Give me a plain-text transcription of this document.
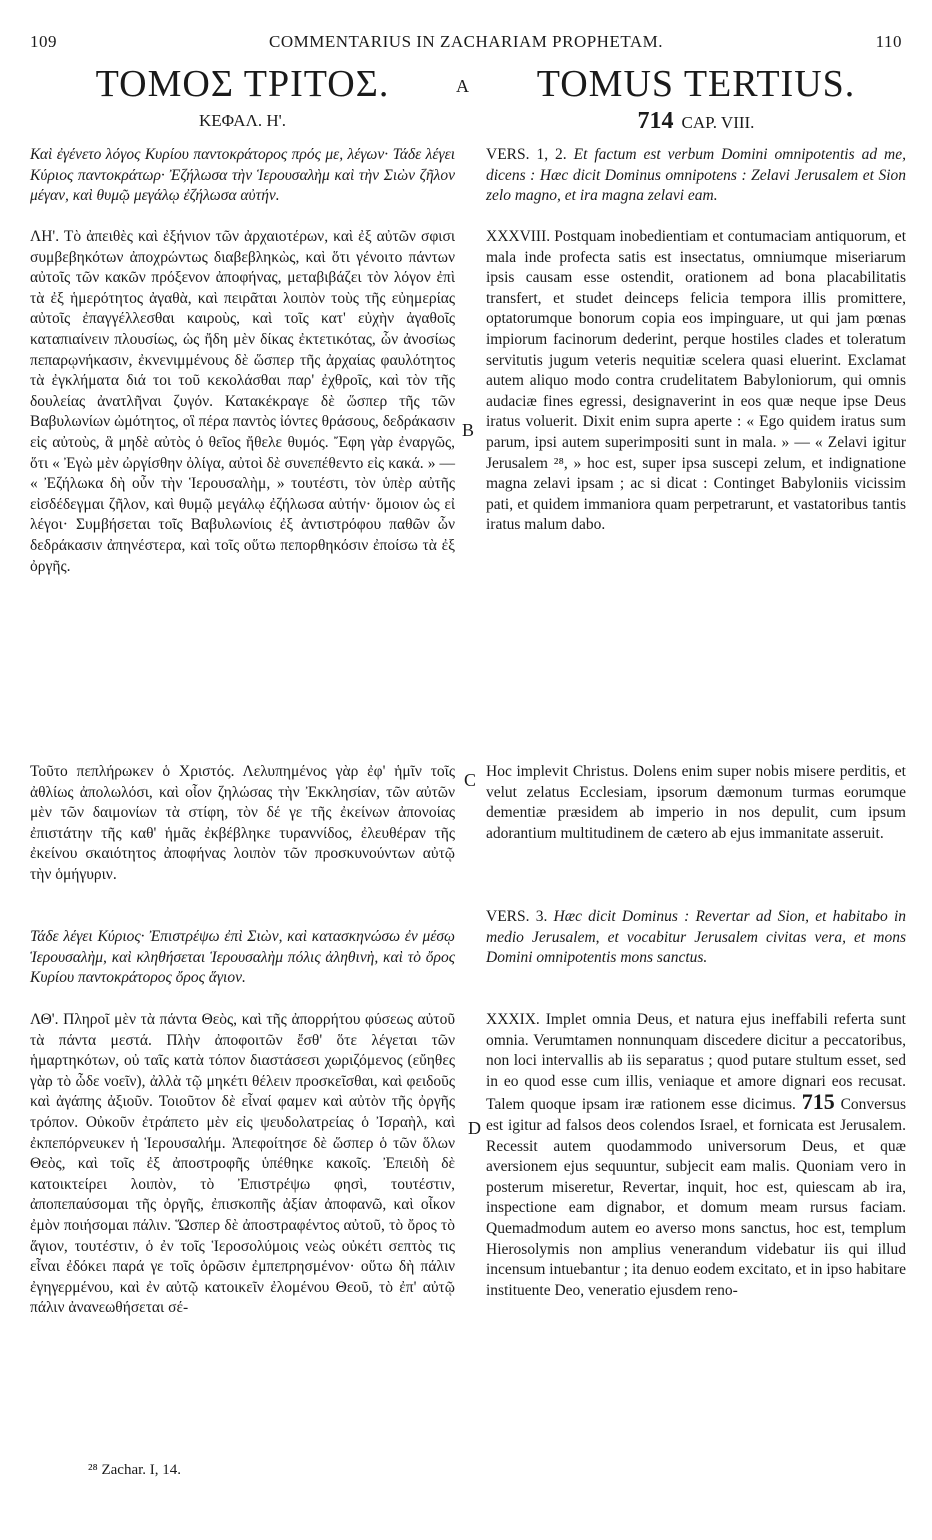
109	COMMENTARIUS IN ZACHARIAM PROPHETAM.	110
ΤΟΜΟΣ ΤΡΙΤΟΣ.
ΚΕΦΑΛ. Η'.
Καὶ ἐγένετο λόγος Κυρίου παντοκράτορος πρός με, λέγων· Τάδε λέγει Κύριος παντοκράτωρ· Ἐζήλωσα τὴν Ἱερουσαλὴμ καὶ τὴν Σιὼν ζῆλον μέγαν, καὶ θυμῷ μεγάλῳ ἐζήλωσα αὐτήν.
ΛΗ'. Τὸ ἀπειθὲς καὶ ἐξήνιον τῶν ἀρχαιοτέρων, καὶ ἐξ αὐτῶν σφισι συμβεβηκότων ἀποχρώντως διαβεβληκὼς, καὶ ὅτι γένοιτο πάντων αὐτοῖς τῶν κακῶν πρόξενον ἀποφήνας, μεταβιβάζει τὸν λόγον ἐπὶ τὰ ἐξ ἡμερότητος ἀγαθὰ, καὶ πειρᾶται λοιπὸν τοὺς τῆς εὐημερίας αὐτοῖς ἐπαγγέλλεσθαι καιροὺς, καὶ τοῖς κατ' εὐχὴν ἀγαθοῖς καταπιαίνειν πλουσίως, ὡς ἤδη μὲν δίκας ἐκτετικότας, ὧν ἀνοσίως πεπαρῳνήκασιν, ἐκνενιμμένους δὲ ὥσπερ τῆς ἀρχαίας φαυλότητος τὰ ἐγκλήματα διά τοι τοῦ κεκολάσθαι παρ' ἐχθροῖς, καὶ τὸν τῆς δουλείας ἀνατλῆναι ζυγόν. Κατακέκραγε δὲ ὥσπερ τῆς τῶν Βαβυλωνίων ὠμότητος, οἳ πέρα παντὸς ἰόντες θράσους, δεδράκασιν εἰς αὐτοὺς, ἃ μηδὲ αὐτὸς ὁ θεῖος ἤθελε θυμός. Ἔφη γὰρ ἐναργῶς, ὅτι « Ἐγὼ μὲν ὠργίσθην ὀλίγα, αὐτοὶ δὲ συνεπέθεντο εἰς κακά. » — « Ἐζήλωκα δὴ οὖν τὴν Ἱερουσαλὴμ, » τουτέστι, τὸν ὑπὲρ αὐτῆς εἰσδέδεγμαι ζῆλον, καὶ θυμῷ μεγάλῳ ἐζήλωσα αὐτήν· ὅμοιον ὡς εἰ λέγοι· Συμβήσεται τοῖς Βαβυλωνίοις ἐξ ἀντιστρόφου παθῶν ὧν δεδράκασιν ἀπηνέστερα, καὶ τοῖς οὕτω πεπορθηκόσιν ἐποίσω τὰ ἐξ ὀργῆς.
Τοῦτο πεπλήρωκεν ὁ Χριστός. Λελυπημένος γὰρ ἐφ' ἡμῖν τοῖς ἀθλίως ἀπολωλόσι, καὶ οἷον ζηλώσας τὴν Ἐκκλησίαν, τῶν αὐτῶν μὲν τῶν δαιμονίων τὰ στίφη, τὸν δέ γε τῆς ἐκείνων ἀπονοίας ἐπιστάτην τῆς καθ' ἡμᾶς ἐκβέβληκε τυραννίδος, ἐλευθέραν τῆς ἐκείνου σκαιότητος ἀποφήνας λοιπὸν τῶν προσκυνούντων αὐτῷ τὴν ὁμήγυριν.
Τάδε λέγει Κύριος· Ἐπιστρέψω ἐπὶ Σιὼν, καὶ κατασκηνώσω ἐν μέσῳ Ἱερουσαλὴμ, καὶ κληθήσεται Ἱερουσαλὴμ πόλις ἀληθινὴ, καὶ τὸ ὄρος Κυρίου παντοκράτορος ὄρος ἅγιον.
ΛΘ'. Πληροῖ μὲν τὰ πάντα Θεὸς, καὶ τῆς ἀπορρήτου φύσεως αὐτοῦ τὰ πάντα μεστά. Πλὴν ἀποφοιτῶν ἔσθ' ὅτε λέγεται τῶν ἡμαρτηκότων, οὐ ταῖς κατὰ τόπον διαστάσεσι χωριζόμενος (εὔηθες γὰρ τὸ ὧδε νοεῖν), ἀλλὰ τῷ μηκέτι θέλειν προσκεῖσθαι, καὶ φειδοῦς καὶ ἀγάπης ἀξιοῦν. Τοιοῦτον δὲ εἶναί φαμεν καὶ αὐτὸν τῆς ὀργῆς τρόπον. Οὐκοῦν ἐτράπετο μὲν εἰς ψευδολατρείας ὁ Ἰσραὴλ, καὶ ἐκπεπόρνευκεν ἡ Ἱερουσαλήμ. Ἀπεφοίτησε δὲ ὥσπερ ὁ τῶν ὅλων Θεὸς, καὶ τοῖς ἐξ ἀποστροφῆς ὑπέθηκε κακοῖς. Ἐπειδὴ δὲ κατοικτείρει λοιπὸν, τὸ Ἐπιστρέψω φησὶ, τουτέστιν, ἀποπεπαύσομαι τῆς ὀργῆς, ἐπισκοπῆς ἀξίαν ἀποφανῶ, καὶ οἶκον ἐμὸν ποιήσομαι πάλιν. Ὥσπερ δὲ ἀποστραφέντος αὐτοῦ, τὸ ὄρος τὸ ἅγιον, τουτέστιν, ὁ ἐν τοῖς Ἱεροσολύμοις νεὼς οὐκέτι σεπτὸς τις εἶναι ἐδόκει παρά γε τοῖς ὁρῶσιν ἐμπεπρησμένον· οὕτω δὴ πάλιν ἐγηγερμένου, καὶ ἐν αὐτῷ κατοικεῖν ἐλομένου Θεοῦ, τὸ ἐπ' αὐτῷ πάλιν ἀνανεωθήσεται σέ-
TOMUS TERTIUS.
714 CAP. VIII.
VERS. 1, 2. Et factum est verbum Domini omnipotentis ad me, dicens : Hæc dicit Dominus omnipotens : Zelavi Jerusalem et Sion zelo magno, et ira magna zelavi eam.
XXXVIII. Postquam inobedientiam et contumaciam antiquorum, et mala inde profecta satis est insectatus, omniumque miseriarum ipsis causam esse ostendit, orationem ad bona placabilitatis transfert, et studet deinceps felicia tempora illis promittere, optatorumque bonorum copia eos impinguare, ut qui jam pœnas impiorum facinorum dederint, perque hostiles clades et toleratum servitutis jugum veteris nequitiæ scelera quasi eluerint. Exclamat autem aliquo modo contra crudelitatem Babyloniorum, qui omnis audaciæ fines egressi, designaverint in eos quæ neque ipse Deus iratus voluerit. Dixit enim supra aperte : « Ego quidem iratus sum parum, ipsi autem superimpositi sunt in mala. » — « Zelavi igitur Jerusalem ²⁸, » hoc est, super ipsa suscepi zelum, et indignatione magna zelavi ipsam ; ac si dicat : Continget Babyloniis vicissim pati, et quidem immaniora quam perpetrarunt, et vastatoribus tantis iratus malum dabo.
Hoc implevit Christus. Dolens enim super nobis misere perditis, et velut zelatus Ecclesiam, ipsorum dæmonum turmas eorumque dementiæ præsidem ab imperio in nos depulit, cum ipsum adorantium multitudinem de cætero ab ejus immanitate asseruit.
VERS. 3. Hæc dicit Dominus : Revertar ad Sion, et habitabo in medio Jerusalem, et vocabitur Jerusalem civitas vera, et mons Domini omnipotentis mons sanctus.
XXXIX. Implet omnia Deus, et natura ejus ineffabili referta sunt omnia. Verumtamen nonnunquam discedere dicitur a peccatoribus, non loci intervallis ab iis separatus ; quod putare stultum esset, sed in eo quod esse cum illis, veniaque et amore dignari eos recusat. Talem quoque ipsam iræ rationem esse dicimus. 715 Conversus est igitur ad falsos deos colendos Israel, et fornicata est Jerusalem. Recessit autem quodammodo universorum Deus, et quæ aversionem ejus sequuntur, subjecit eam malis. Quoniam vero in posterum miseretur, Revertar, inquit, hoc est, quiescam ab ira, inspectione eam dignabor, et domum meam rursus faciam. Quemadmodum autem eo averso mons sanctus, hoc est, templum Hierosolymis non amplius venerandum videbatur iis qui illud incensum intuebantur ; ita denuo eodem excitato, et in ipso habitare instituente Deo, veneratio ejusdem reno-
A
B
C
D
²⁸ Zachar. I, 14.
